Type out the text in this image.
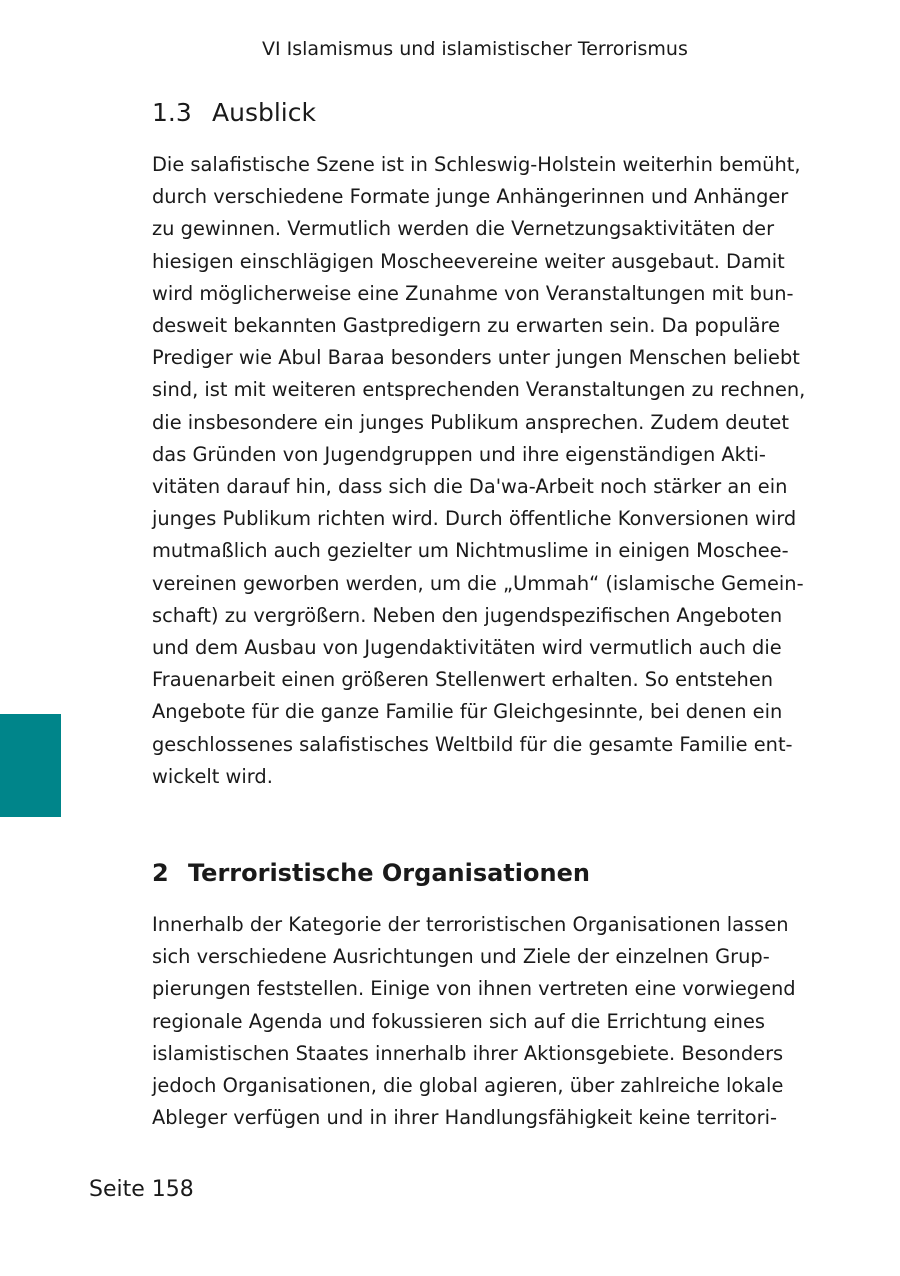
VI Islamismus und islamistischer Terrorismus
1.3 Ausblick
Die salafistische Szene ist in Schleswig-Holstein weiterhin bemüht,
durch verschiedene Formate junge Anhängerinnen und Anhänger
zu gewinnen. Vermutlich werden die Vernetzungsaktivitäten der
hiesigen einschlägigen Moscheevereine weiter ausgebaut. Damit
wird möglicherweise eine Zunahme von Veranstaltungen mit bun-
desweit bekannten Gastpredigern zu erwarten sein. Da populäre
Prediger wie Abul Baraa besonders unter jungen Menschen beliebt
sind, ist mit weiteren entsprechenden Veranstaltungen zu rechnen,
die insbesondere ein junges Publikum ansprechen. Zudem deutet
das Gründen von Jugendgruppen und ihre eigenständigen Akti-
vitäten darauf hin, dass sich die Da'wa-Arbeit noch stärker an ein
junges Publikum richten wird. Durch öffentliche Konversionen wird
mutmaßlich auch gezielter um Nichtmuslime in einigen Moschee-
vereinen geworben werden, um die „Ummah“ (islamische Gemein-
schaft) zu vergrößern. Neben den jugendspezifischen Angeboten
und dem Ausbau von Jugendaktivitäten wird vermutlich auch die
Frauenarbeit einen größeren Stellenwert erhalten. So entstehen
Angebote für die ganze Familie für Gleichgesinnte, bei denen ein
geschlossenes salafistisches Weltbild für die gesamte Familie ent-
wickelt wird.
2 Terroristische Organisationen
Innerhalb der Kategorie der terroristischen Organisationen lassen
sich verschiedene Ausrichtungen und Ziele der einzelnen Grup-
pierungen feststellen. Einige von ihnen vertreten eine vorwiegend
regionale Agenda und fokussieren sich auf die Errichtung eines
islamistischen Staates innerhalb ihrer Aktionsgebiete. Besonders
jedoch Organisationen, die global agieren, über zahlreiche lokale
Ableger verfügen und in ihrer Handlungsfähigkeit keine territori-
Seite 158
